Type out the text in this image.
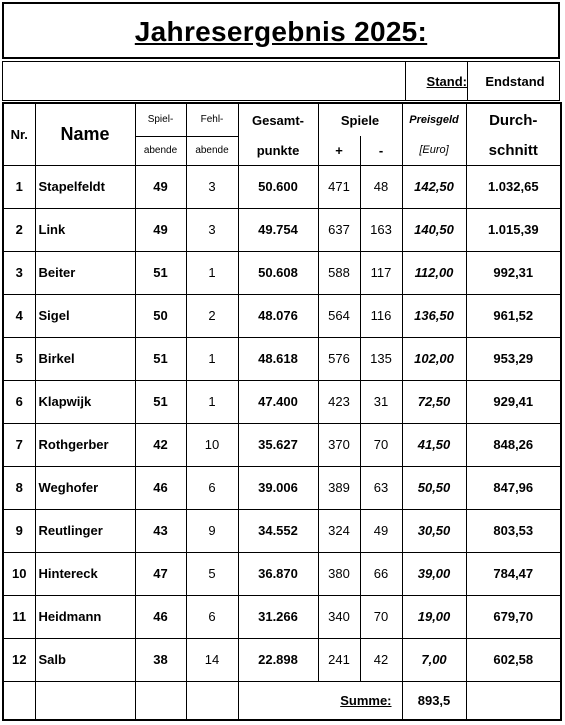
Jahresergebnis 2025:
Stand:	Endstand
Nr.	Name	Spiel-	Fehl-	Gesamt-	Spiele		Preisgeld	Durch-
		abende	abende	punkte	+	-	[Euro]	schnitt
1	Stapelfeldt	49	3	50.600	471	48	142,50	1.032,65
2	Link	49	3	49.754	637	163	140,50	1.015,39
3	Beiter	51	1	50.608	588	117	112,00	992,31
4	Sigel	50	2	48.076	564	116	136,50	961,52
5	Birkel	51	1	48.618	576	135	102,00	953,29
6	Klapwijk	51	1	47.400	423	31	72,50	929,41
7	Rothgerber	42	10	35.627	370	70	41,50	848,26
8	Weghofer	46	6	39.006	389	63	50,50	847,96
9	Reutlinger	43	9	34.552	324	49	30,50	803,53
10	Hintereck	47	5	36.870	380	66	39,00	784,47
11	Heidmann	46	6	31.266	340	70	19,00	679,70
12	Salb	38	14	22.898	241	42	7,00	602,58
				Summe:			893,5	
